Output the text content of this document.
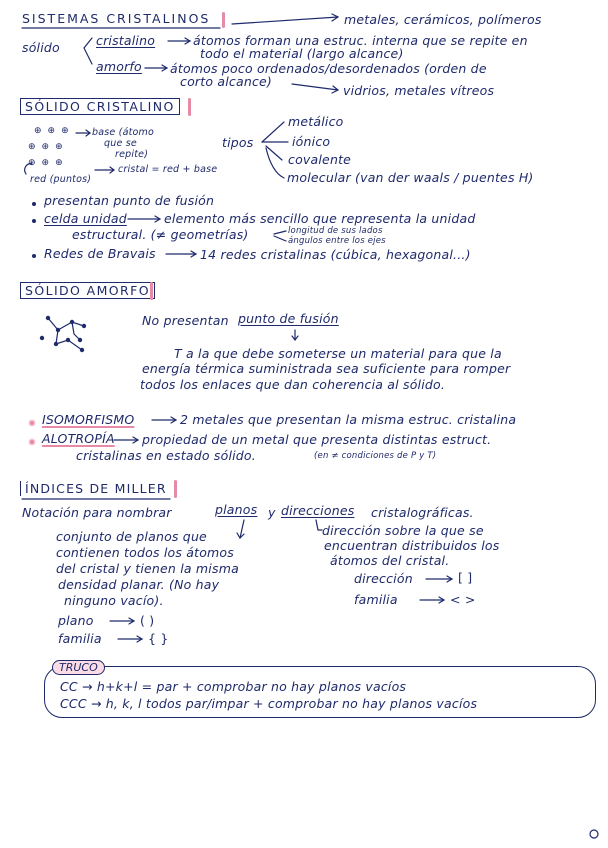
SISTEMAS CRISTALINOS	metales, cerámicos, polímeros
sólido	cristalino	átomos forman una estruc. interna que se repite en
todo el material (largo alcance)
amorfo átomos poco ordenados/desordenados (orden de
corto alcance)
vidrios, metales vítreos
SÓLIDO CRISTALINO
⊕⊕⊕
⊕⊕⊕
⊕⊕⊕
base (átomo
que se
repite)
red (puntos)
cristal = red + base
tipos
metálico
iónico
covalente
molecular (van der waals / puentes H)
presentan punto de fusión
celda unidad	elemento más sencillo que representa la unidad
estructural. (≠ geometrías)	longitud de sus lados
ángulos entre los ejes
Redes de Bravais	14 redes cristalinas (cúbica, hexagonal...)
SÓLIDO AMORFO
No presentan punto de fusión
T a la que debe someterse un material para que la
energía térmica suministrada sea suficiente para romper
todos los enlaces que dan coherencia al sólido.
ISOMORFISMO	2 metales que presentan la misma estruc. cristalina
ALOTROPÍA propiedad de un metal que presenta distintas estruct.
cristalinas en estado sólido.	(en ≠ condiciones de P y T)
ÍNDICES DE MILLER
Notación para nombrar	planos y direcciones cristalográficas.
conjunto de planos que
contienen todos los átomos
del cristal y tienen la misma
densidad planar. (No hay
ninguno vacío).
dirección sobre la que se
encuentran distribuidos los
átomos del cristal.
plano	( )
familia	{ }
dirección	[ ]
familia	< >
TRUCO
CC → h+k+l = par + comprobar no hay planos vacíos
CCC → h, k, l todos par/impar + comprobar no hay planos vacíos
